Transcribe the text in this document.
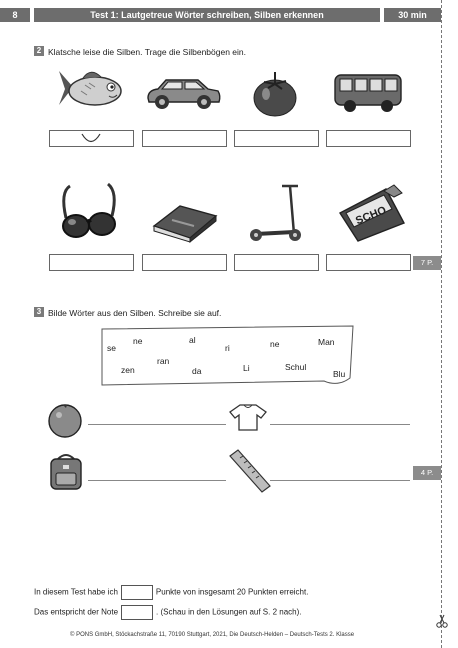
8	Test 1: Lautgetreue Wörter schreiben, Silben erkennen	30 min
2 Klatsche leise die Silben. Trage die Silbenbögen ein.
SCHO
7 P.
3 Bilde Wörter aus den Silben. Schreibe sie auf.
se
ne	al
ri	ne	Man
ran
zen	da	Li	Schul
Blu
4 P.
In diesem Test habe ich	Punkte von insgesamt 20 Punkten erreicht.
Das entspricht der Note	. (Schau in den Lösungen auf S. 2 nach).
© PONS GmbH, Stöckachstraße 11, 70190 Stuttgart, 2021, Die Deutsch-Helden – Deutsch-Tests 2. Klasse
